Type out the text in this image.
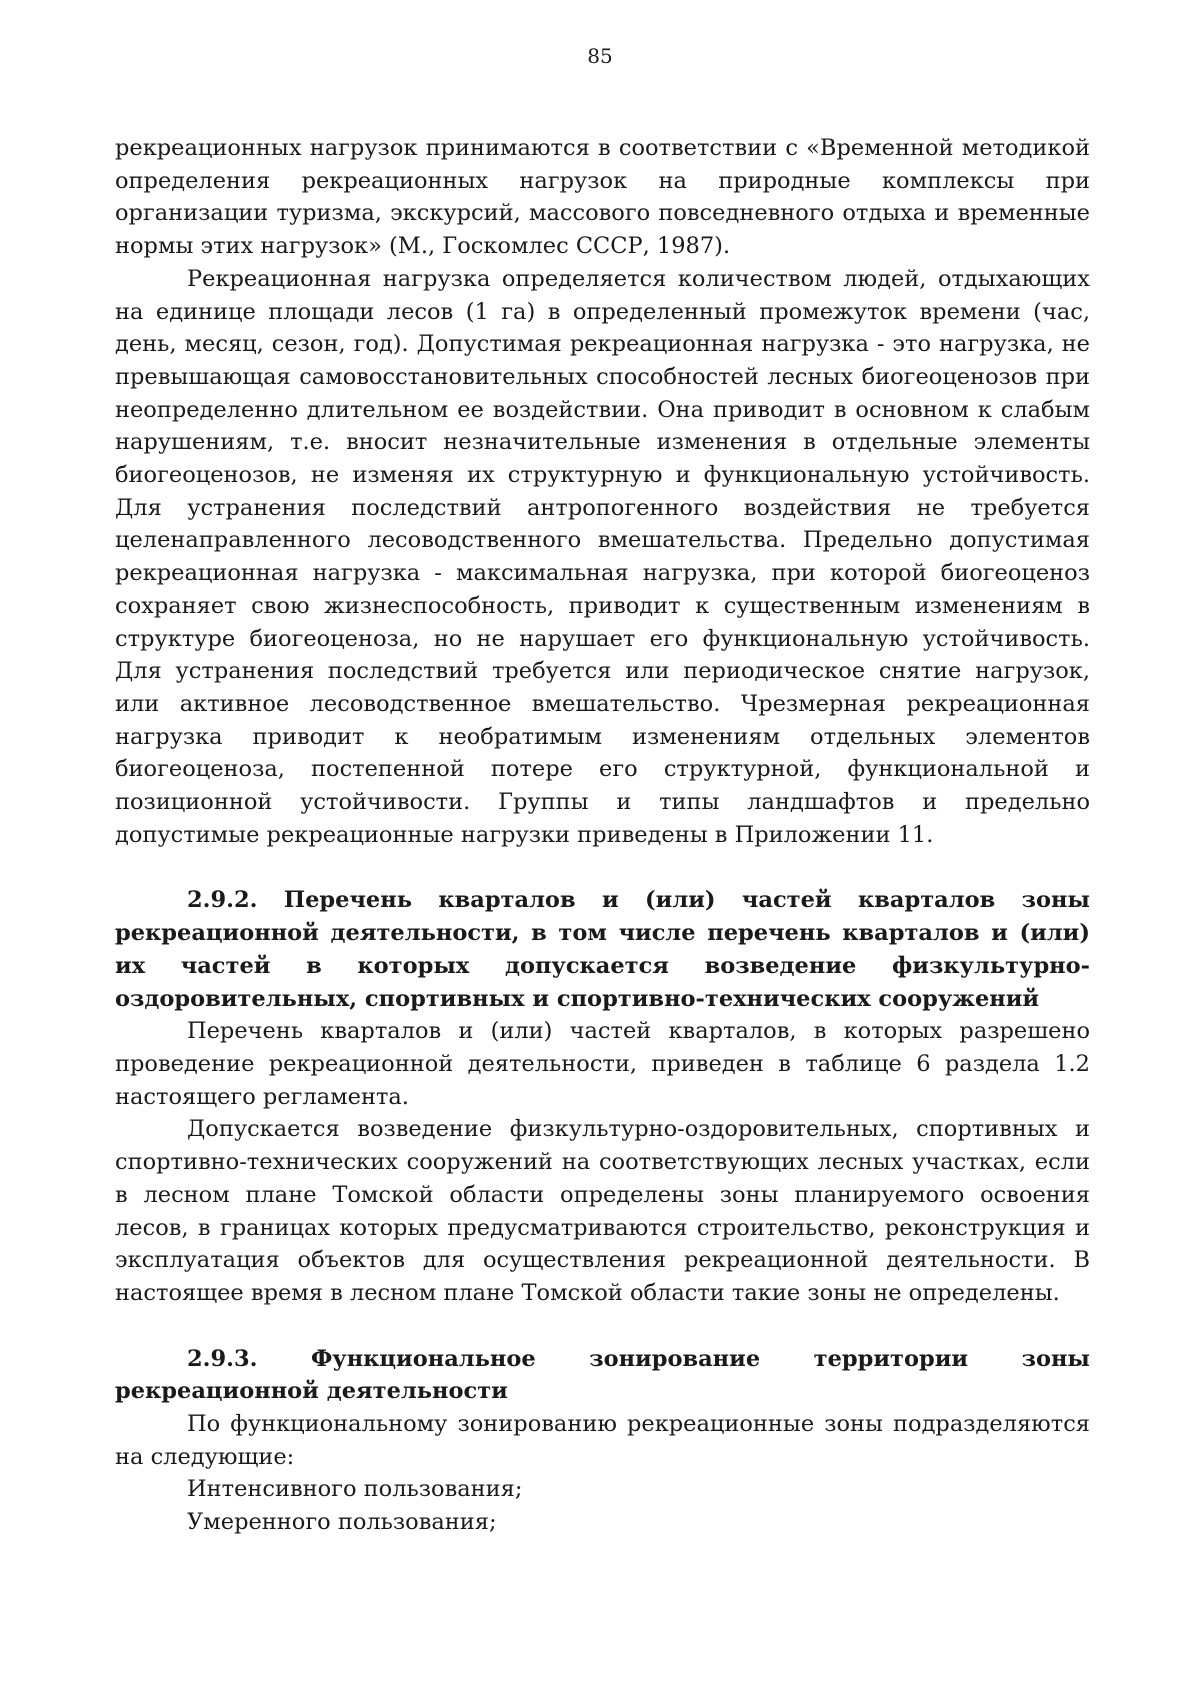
85

рекреационных нагрузок принимаются в соответствии с «Временной методикой определения рекреационных нагрузок на природные комплексы при организации туризма, экскурсий, массового повседневного отдыха и временные нормы этих нагрузок» (М., Госкомлес СССР, 1987).

Рекреационная нагрузка определяется количеством людей, отдыхающих на единице площади лесов (1 га) в определенный промежуток времени (час, день, месяц, сезон, год). Допустимая рекреационная нагрузка - это нагрузка, не превышающая самовосстановительных способностей лесных биогеоценозов при неопределенно длительном ее воздействии. Она приводит в основном к слабым нарушениям, т.е. вносит незначительные изменения в отдельные элементы биогеоценозов, не изменяя их структурную и функциональную устойчивость. Для устранения последствий антропогенного воздействия не требуется целенаправленного лесоводственного вмешательства. Предельно допустимая рекреационная нагрузка - максимальная нагрузка, при которой биогеоценоз сохраняет свою жизнеспособность, приводит к существенным изменениям в структуре биогеоценоза, но не нарушает его функциональную устойчивость. Для устранения последствий требуется или периодическое снятие нагрузок, или активное лесоводственное вмешательство. Чрезмерная рекреационная нагрузка приводит к необратимым изменениям отдельных элементов биогеоценоза, постепенной потере его структурной, функциональной и позиционной устойчивости. Группы и типы ландшафтов и предельно допустимые рекреационные нагрузки приведены в Приложении 11.

2.9.2. Перечень кварталов и (или) частей кварталов зоны рекреационной деятельности, в том числе перечень кварталов и (или) их частей в которых допускается возведение физкультурно-оздоровительных, спортивных и спортивно-технических сооружений

Перечень кварталов и (или) частей кварталов, в которых разрешено проведение рекреационной деятельности, приведен в таблице 6 раздела 1.2 настоящего регламента.

Допускается возведение физкультурно-оздоровительных, спортивных и спортивно-технических сооружений на соответствующих лесных участках, если в лесном плане Томской области определены зоны планируемого освоения лесов, в границах которых предусматриваются строительство, реконструкция и эксплуатация объектов для осуществления рекреационной деятельности. В настоящее время в лесном плане Томской области такие зоны не определены.

2.9.3. Функциональное зонирование территории зоны рекреационной деятельности

По функциональному зонированию рекреационные зоны подразделяются на следующие:

Интенсивного пользования;

Умеренного пользования;
